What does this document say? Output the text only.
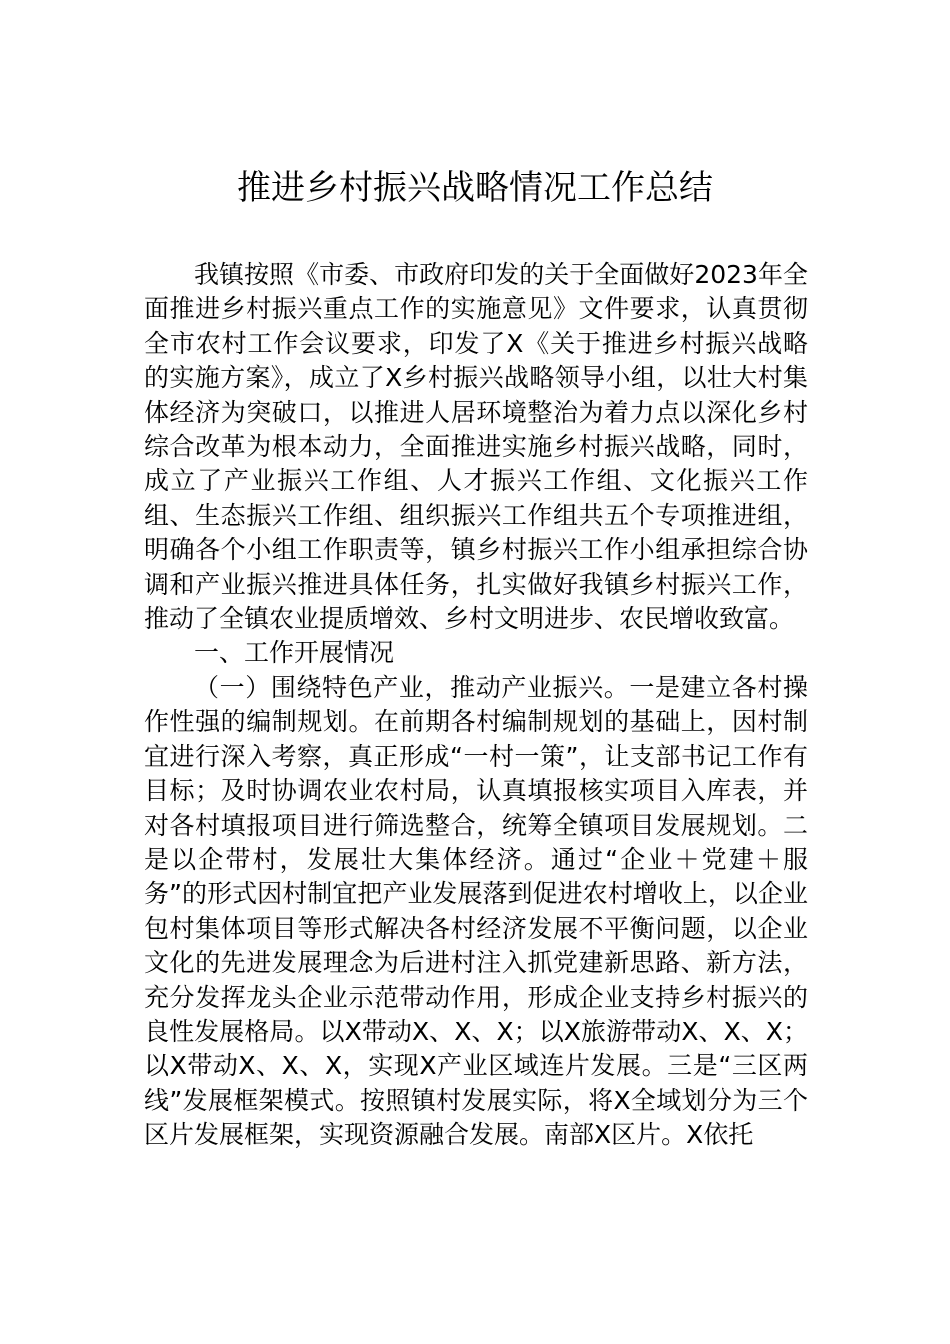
推进乡村振兴战略情况工作总结

我镇按照《市委、市政府印发的关于全面做好2023年全面推进乡村振兴重点工作的实施意见》文件要求，认真贯彻全市农村工作会议要求，印发了X《关于推进乡村振兴战略的实施方案》，成立了X乡村振兴战略领导小组，以壮大村集体经济为突破口，以推进人居环境整治为着力点以深化乡村综合改革为根本动力，全面推进实施乡村振兴战略，同时，成立了产业振兴工作组、人才振兴工作组、文化振兴工作组、生态振兴工作组、组织振兴工作组共五个专项推进组，明确各个小组工作职责等，镇乡村振兴工作小组承担综合协调和产业振兴推进具体任务，扎实做好我镇乡村振兴工作，推动了全镇农业提质增效、乡村文明进步、农民增收致富。

一、工作开展情况

（一）围绕特色产业，推动产业振兴。一是建立各村操作性强的编制规划。在前期各村编制规划的基础上，因村制宜进行深入考察，真正形成“一村一策”，让支部书记工作有目标；及时协调农业农村局，认真填报核实项目入库表，并对各村填报项目进行筛选整合，统筹全镇项目发展规划。二是以企带村，发展壮大集体经济。通过“企业＋党建＋服务”的形式因村制宜把产业发展落到促进农村增收上，以企业包村集体项目等形式解决各村经济发展不平衡问题，以企业文化的先进发展理念为后进村注入抓党建新思路、新方法，充分发挥龙头企业示范带动作用，形成企业支持乡村振兴的良性发展格局。以X带动X、X、X；以X旅游带动X、X、X；以X带动X、X、X，实现X产业区域连片发展。三是“三区两线”发展框架模式。按照镇村发展实际，将X全域划分为三个区片发展框架，实现资源融合发展。南部X区片。X依托
